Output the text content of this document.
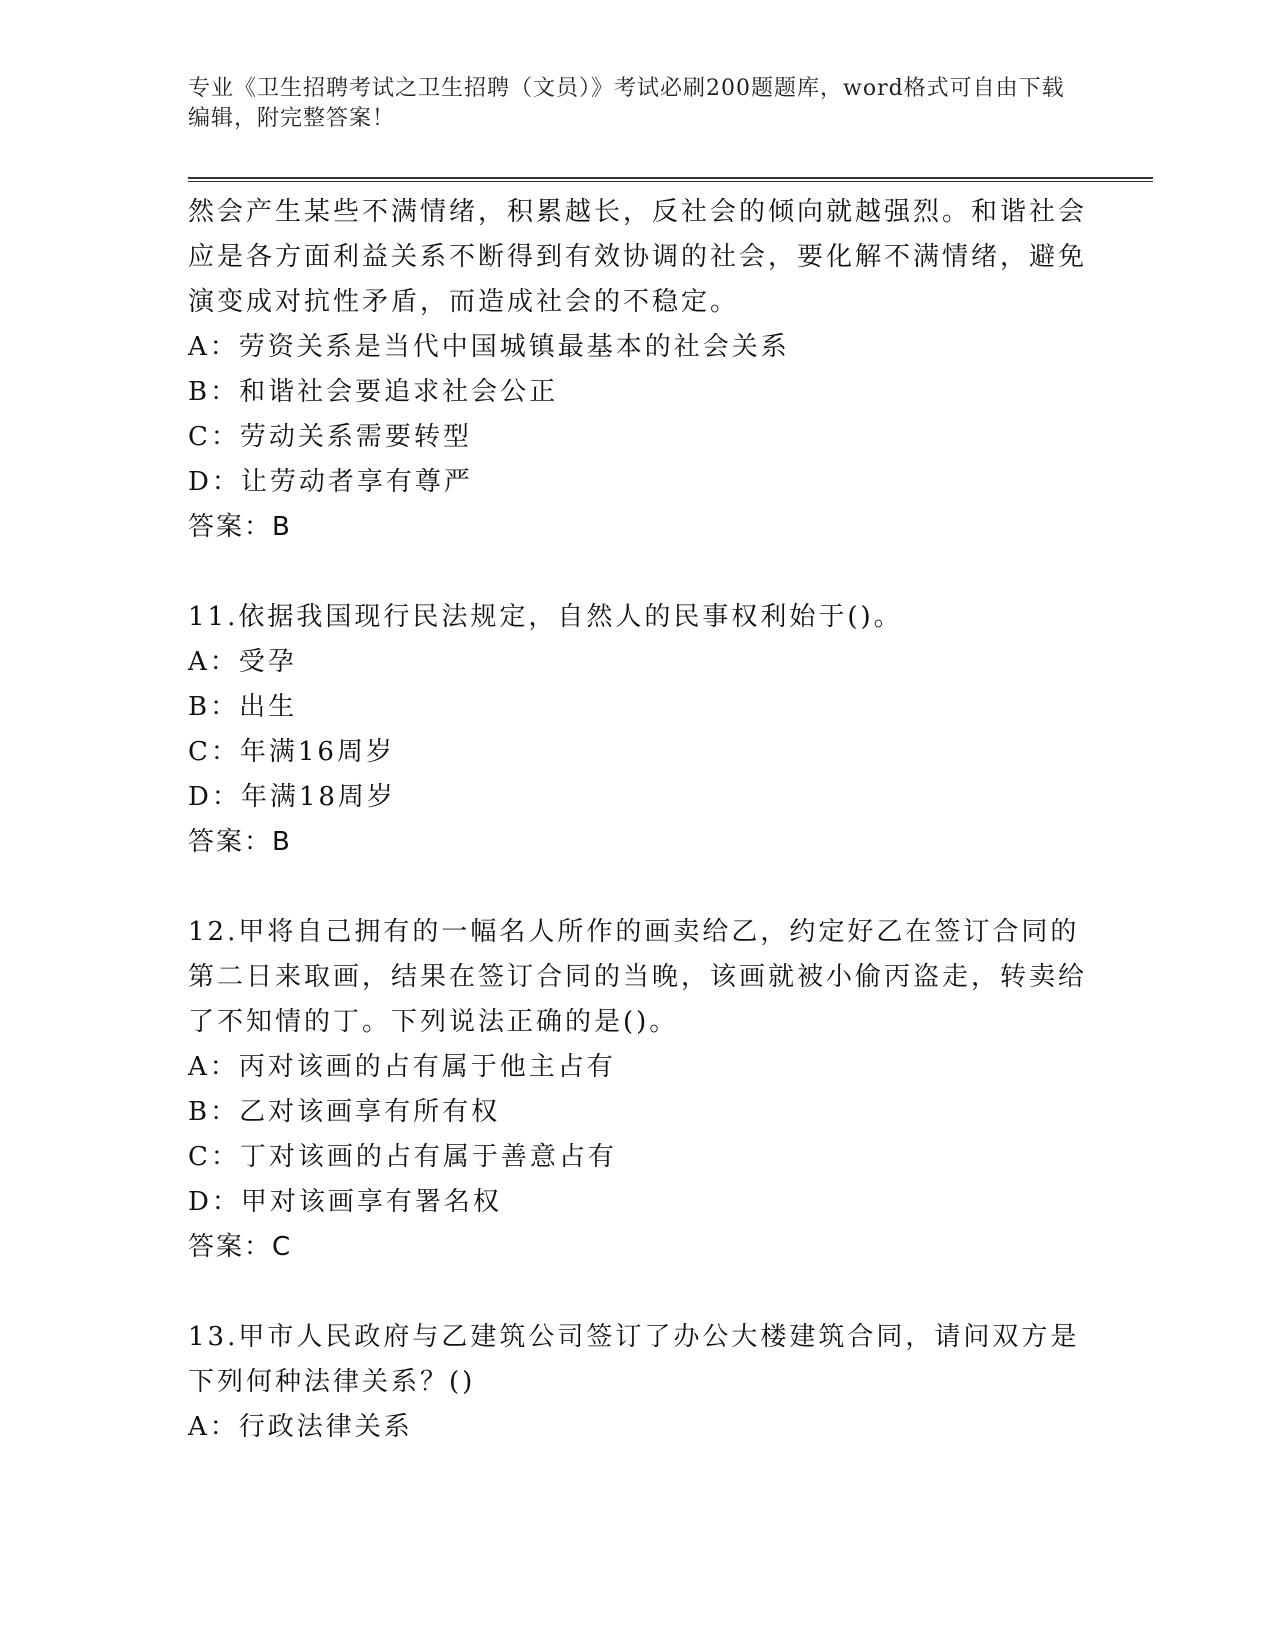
专业《卫生招聘考试之卫生招聘（文员）》考试必刷200题题库，word格式可自由下载编辑，附完整答案！

然会产生某些不满情绪，积累越长，反社会的倾向就越强烈。和谐社会应是各方面利益关系不断得到有效协调的社会，要化解不满情绪，避免演变成对抗性矛盾，而造成社会的不稳定。

A：劳资关系是当代中国城镇最基本的社会关系

B：和谐社会要追求社会公正

C：劳动关系需要转型

D：让劳动者享有尊严

答案：B

11.依据我国现行民法规定，自然人的民事权利始于()。

A：受孕

B：出生

C：年满16周岁

D：年满18周岁

答案：B

12.甲将自己拥有的一幅名人所作的画卖给乙，约定好乙在签订合同的第二日来取画，结果在签订合同的当晚，该画就被小偷丙盗走，转卖给了不知情的丁。下列说法正确的是()。

A：丙对该画的占有属于他主占有

B：乙对该画享有所有权

C：丁对该画的占有属于善意占有

D：甲对该画享有署名权

答案：C

13.甲市人民政府与乙建筑公司签订了办公大楼建筑合同，请问双方是下列何种法律关系？()

A：行政法律关系
